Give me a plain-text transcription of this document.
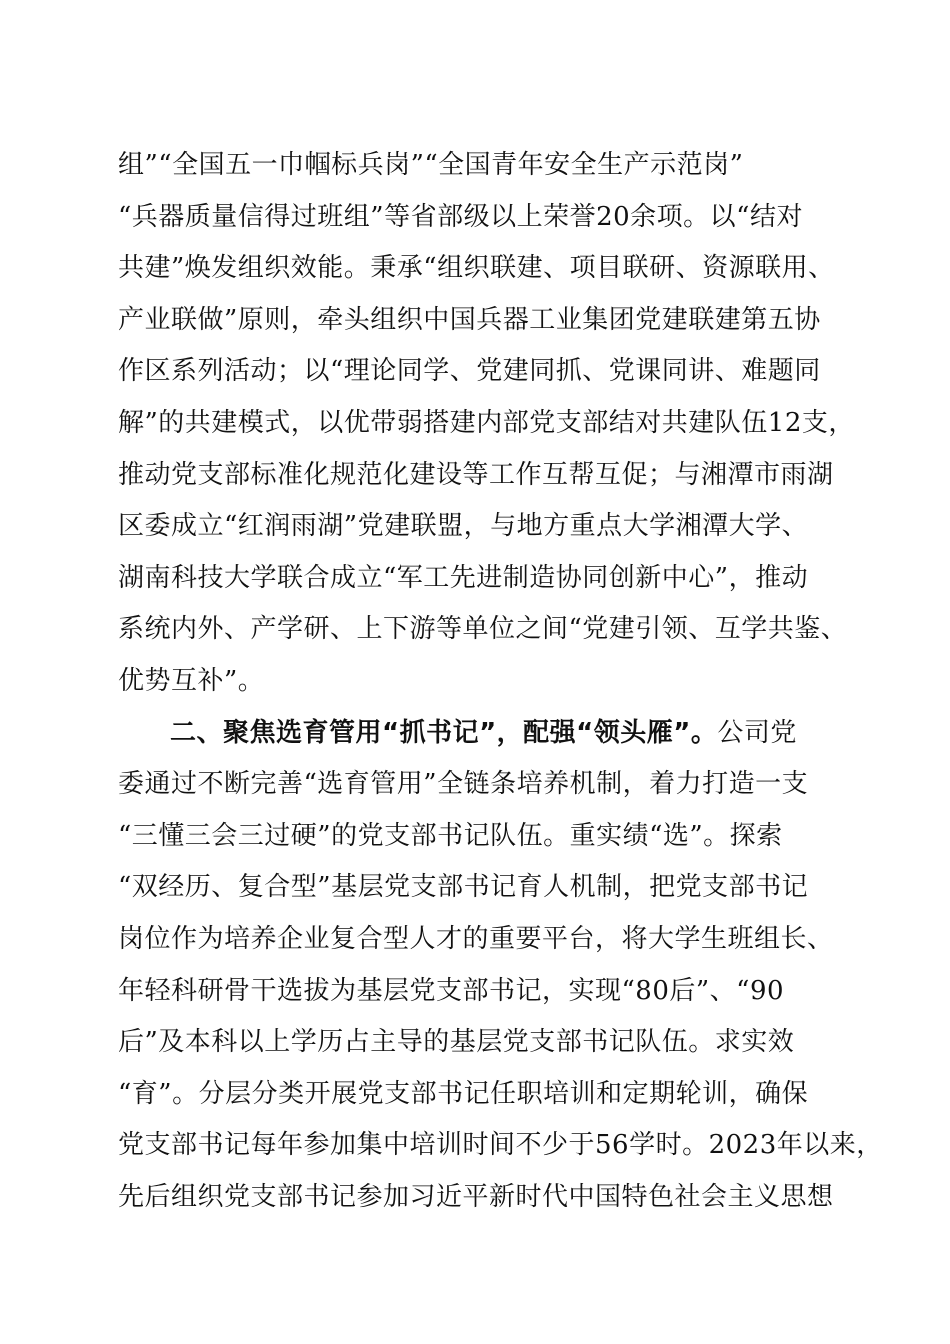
组”“全国五一巾帼标兵岗”“全国青年安全生产示范岗”
“兵器质量信得过班组”等省部级以上荣誉20余项。以“结对
共建”焕发组织效能。秉承“组织联建、项目联研、资源联用、
产业联做”原则，牵头组织中国兵器工业集团党建联建第五协
作区系列活动；以“理论同学、党建同抓、党课同讲、难题同
解”的共建模式，以优带弱搭建内部党支部结对共建队伍12支，
推动党支部标准化规范化建设等工作互帮互促；与湘潭市雨湖
区委成立“红润雨湖”党建联盟，与地方重点大学湘潭大学、
湖南科技大学联合成立“军工先进制造协同创新中心”，推动
系统内外、产学研、上下游等单位之间“党建引领、互学共鉴、
优势互补”。
二、聚焦选育管用“抓书记”，配强“领头雁”。公司党
委通过不断完善“选育管用”全链条培养机制，着力打造一支
“三懂三会三过硬”的党支部书记队伍。重实绩“选”。探索
“双经历、复合型”基层党支部书记育人机制，把党支部书记
岗位作为培养企业复合型人才的重要平台，将大学生班组长、
年轻科研骨干选拔为基层党支部书记，实现“80后”、“90
后”及本科以上学历占主导的基层党支部书记队伍。求实效
“育”。分层分类开展党支部书记任职培训和定期轮训，确保
党支部书记每年参加集中培训时间不少于56学时。2023年以来，
先后组织党支部书记参加习近平新时代中国特色社会主义思想
